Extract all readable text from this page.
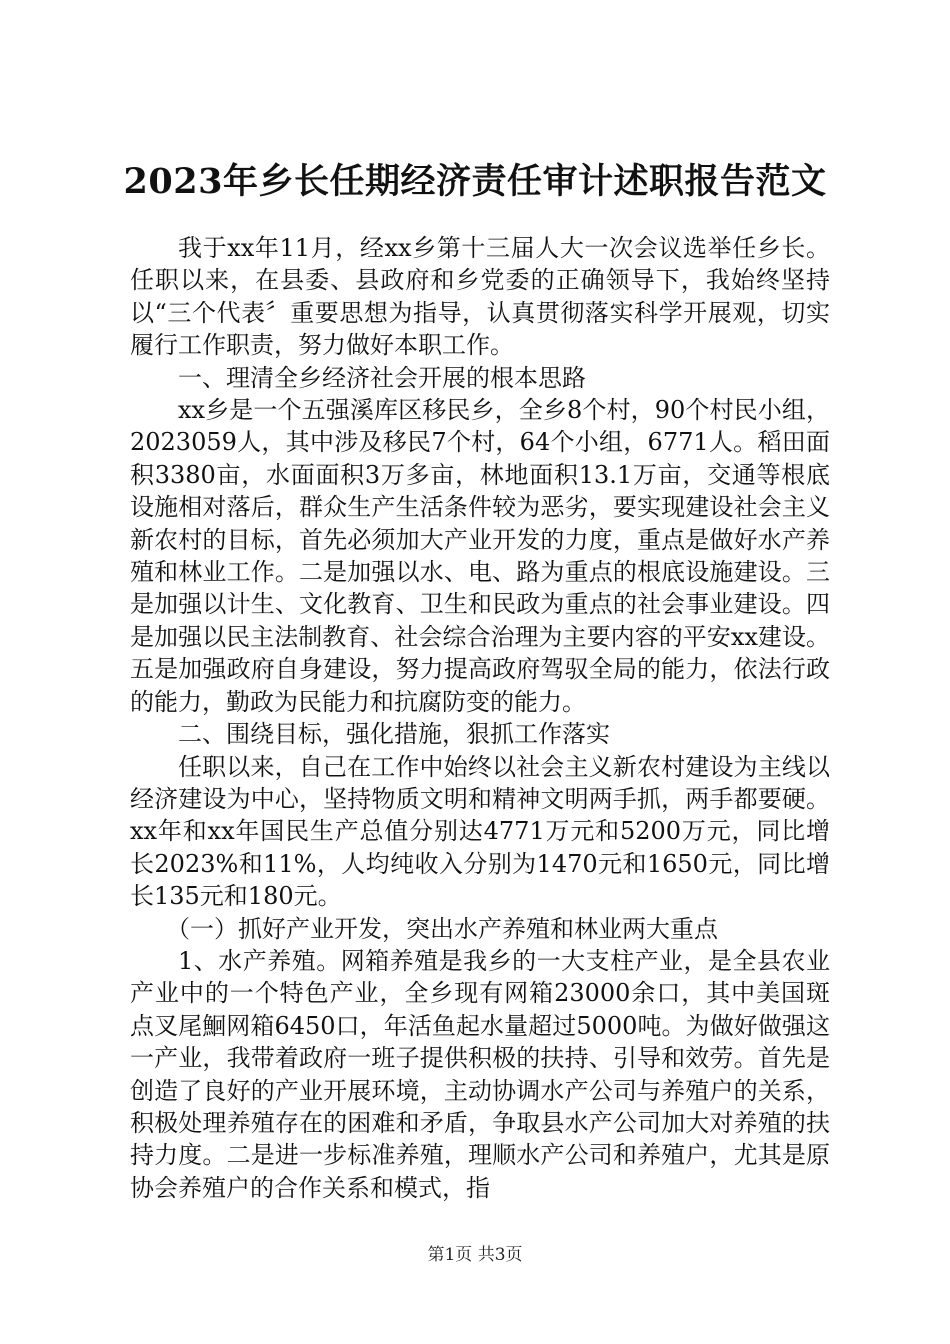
2023年乡长任期经济责任审计述职报告范文

我于xx年11月，经xx乡第十三届人大一次会议选举任乡长。任职以来，在县委、县政府和乡党委的正确领导下，我始终坚持以“三个代表〞重要思想为指导，认真贯彻落实科学开展观，切实履行工作职责，努力做好本职工作。

一、理清全乡经济社会开展的根本思路

xx乡是一个五强溪库区移民乡，全乡8个村，90个村民小组，2023059人，其中涉及移民7个村，64个小组，6771人。稻田面积3380亩，水面面积3万多亩，林地面积13.1万亩，交通等根底设施相对落后，群众生产生活条件较为恶劣，要实现建设社会主义新农村的目标，首先必须加大产业开发的力度，重点是做好水产养殖和林业工作。二是加强以水、电、路为重点的根底设施建设。三是加强以计生、文化教育、卫生和民政为重点的社会事业建设。四是加强以民主法制教育、社会综合治理为主要内容的平安xx建设。五是加强政府自身建设，努力提高政府驾驭全局的能力，依法行政的能力，勤政为民能力和抗腐防变的能力。

二、围绕目标，强化措施，狠抓工作落实

任职以来，自己在工作中始终以社会主义新农村建设为主线以经济建设为中心，坚持物质文明和精神文明两手抓，两手都要硬。xx年和xx年国民生产总值分别达4771万元和5200万元，同比增长2023%和11%，人均纯收入分别为1470元和1650元，同比增长135元和180元。

（一）抓好产业开发，突出水产养殖和林业两大重点

1、水产养殖。网箱养殖是我乡的一大支柱产业，是全县农业产业中的一个特色产业，全乡现有网箱23000余口，其中美国斑点叉尾鮰网箱6450口，年活鱼起水量超过5000吨。为做好做强这一产业，我带着政府一班子提供积极的扶持、引导和效劳。首先是创造了良好的产业开展环境，主动协调水产公司与养殖户的关系，积极处理养殖存在的困难和矛盾，争取县水产公司加大对养殖的扶持力度。二是进一步标准养殖，理顺水产公司和养殖户，尤其是原协会养殖户的合作关系和模式，指

第1页 共3页
